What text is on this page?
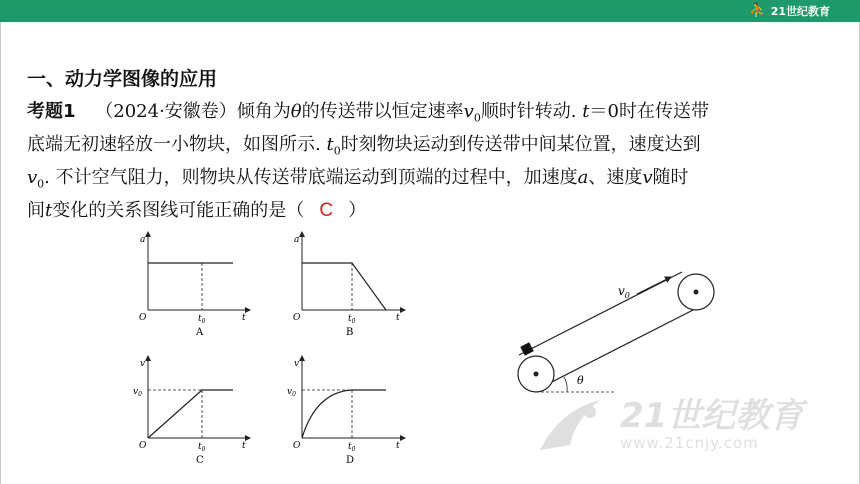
⛹ 21世纪教育
一、动力学图像的应用
考题1 （2024·安徽卷）倾角为θ的传送带以恒定速率$v_0$顺时针转动. t＝0时在传送带
底端无初速轻放一小物块，如图所示. $t_0$时刻物块运动到传送带中间某位置，速度达到
$v_0$. 不计空气阻力，则物块从传送带底端运动到顶端的过程中，加速度a、速度v随时
间t变化的关系图线可能正确的是（ C ）
a
t
O	$t_0$
A
a
t
O	$t_0$
B
v
$v_0$
t
O	$t_0$
C
v
$v_0$
t
O	$t_0$
D
θ
$v_0$
21世纪教育
www.21cnjy.com
